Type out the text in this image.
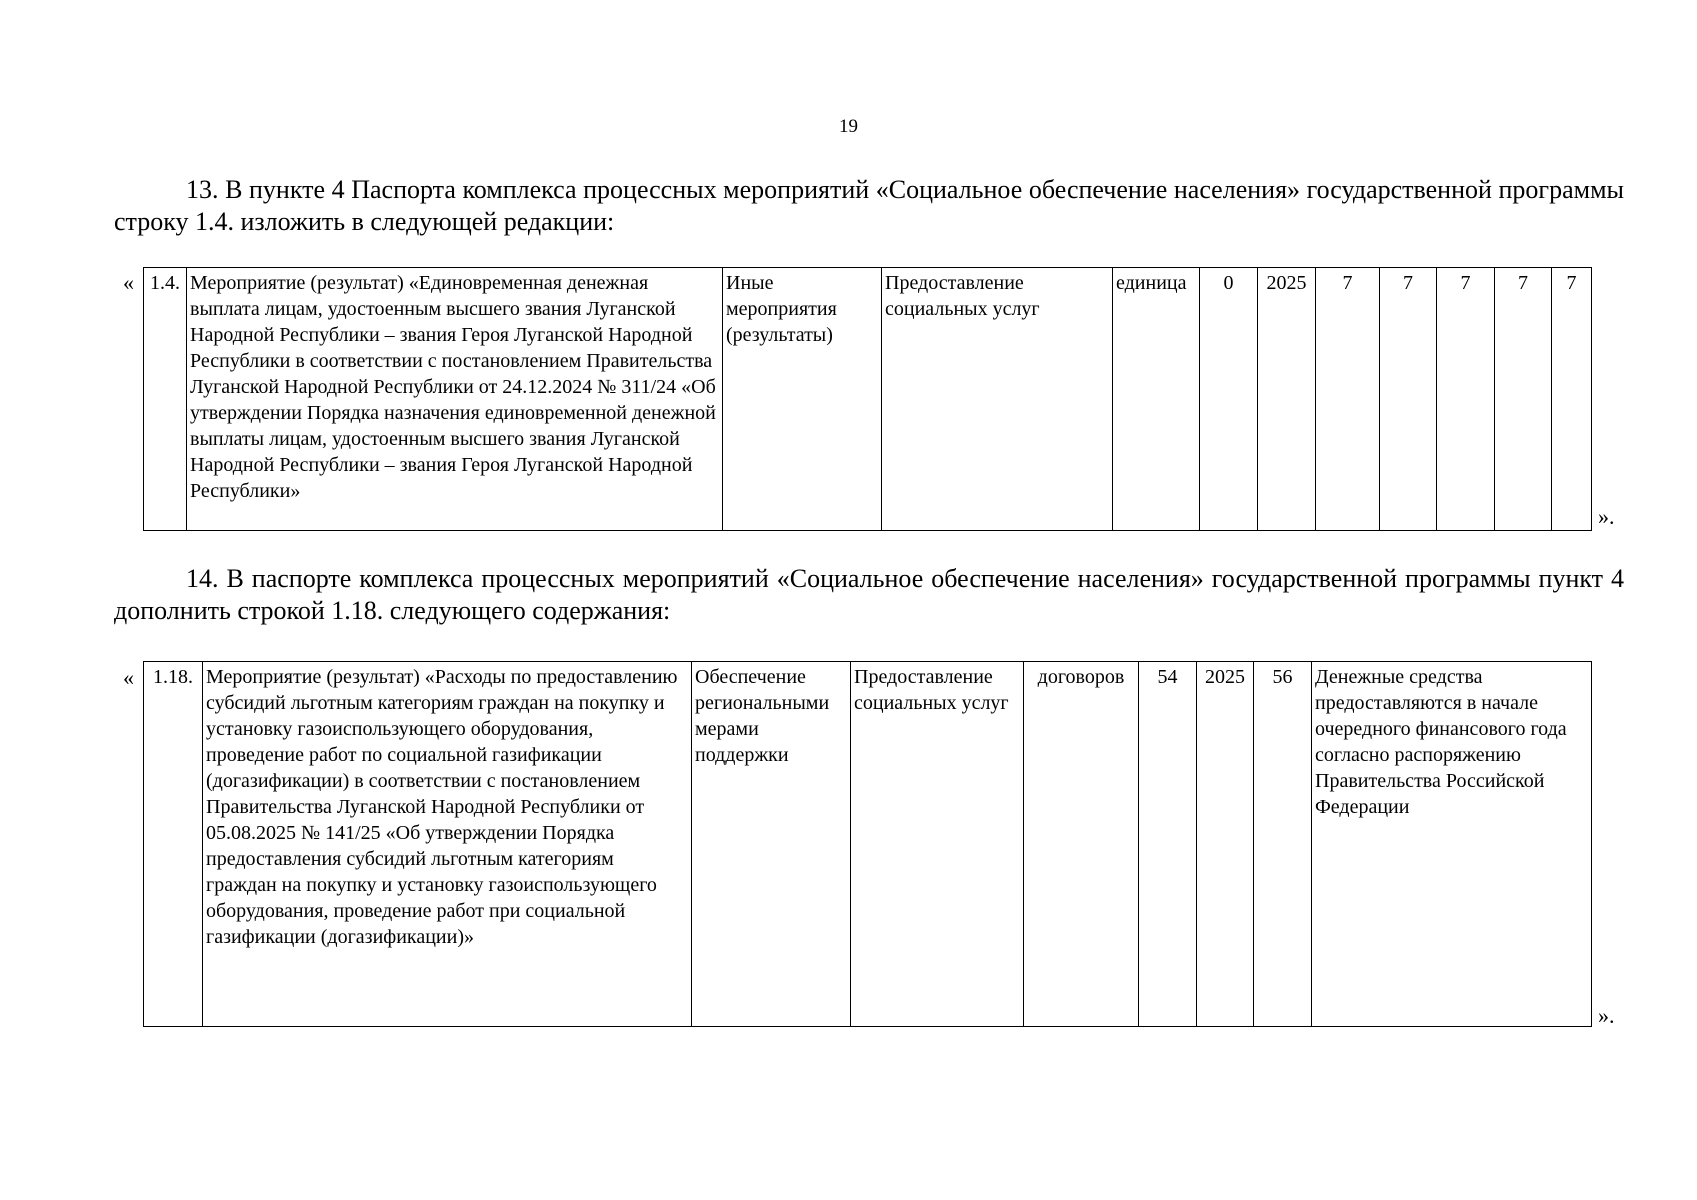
19
13. В пункте 4 Паспорта комплекса процессных мероприятий «Социальное обеспечение населения» государственной программы строку 1.4. изложить в следующей редакции:
« 1.4.	Мероприятие (результат) «Единовременная денежная выплата лицам, удостоенным высшего звания Луганской Народной Республики – звания Героя Луганской Народной Республики в соответствии с постановлением Правительства Луганской Народной Республики от 24.12.2024 № 311/24 «Об утверждении Порядка назначения единовременной денежной выплаты лицам, удостоенным высшего звания Луганской Народной Республики – звания Героя Луганской Народной Республики»	Иные мероприятия (результаты)	Предоставление социальных услуг	единица	0	2025	7	7	7	7	7
».
14. В паспорте комплекса процессных мероприятий «Социальное обеспечение населения» государственной программы пункт 4 дополнить строкой 1.18. следующего содержания:
« 1.18.	Мероприятие (результат) «Расходы по предоставлению субсидий льготным категориям граждан на покупку и установку газоиспользующего оборудования, проведение работ по социальной газификации (догазификации) в соответствии с постановлением Правительства Луганской Народной Республики от 05.08.2025 № 141/25 «Об утверждении Порядка предоставления субсидий льготным категориям граждан на покупку и установку газоиспользующего оборудования, проведение работ при социальной газификации (догазификации)»	Обеспечение региональными мерами поддержки	Предоставление социальных услуг	договоров	54	2025	56	Денежные средства предоставляются в начале очередного финансового года согласно распоряжению Правительства Российской Федерации
».
